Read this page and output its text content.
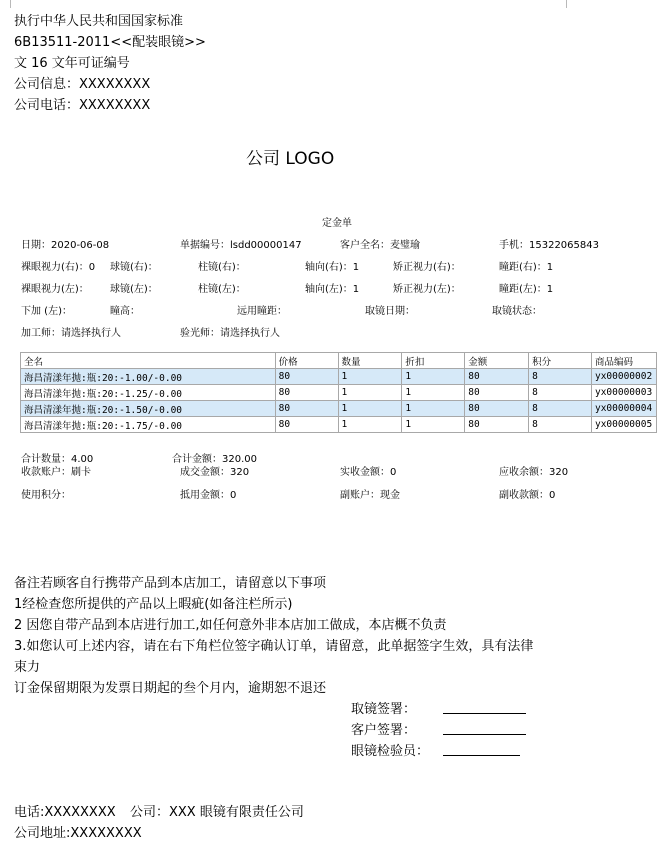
执行中华人民共和国国家标准
6B13511-2011<<配装眼镜>>
文 16 文年可证编号
公司信息：XXXXXXXX
公司电话：XXXXXXXX
公司 LOGO
定金单
日期：2020-06-08	单据编号：lsdd00000147	客户全名：麦璧瑜	手机：15322065843
裸眼视力(右)：0 球镜(右)：	柱镜(右)：	轴向(右)：1	矫正视力(右)：	瞳距(右)：1
裸眼视力(左)： 球镜(左)：	柱镜(左)：	轴向(左)：1	矫正视力(左)：	瞳距(左)：1
下加 (左)：	瞳高：	远用瞳距：	取镜日期：	取镜状态：
加工师：请选择执行人	验光师：请选择执行人
全名	价格	数量	折扣	金额	积分	商品编码
海昌清漾年抛:瓶:20:-1.00/-0.00	80	1	1	80	8	yx00000002
海昌清漾年抛:瓶:20:-1.25/-0.00	80	1	1	80	8	yx00000003
海昌清漾年抛:瓶:20:-1.50/-0.00	80	1	1	80	8	yx00000004
海昌清漾年抛:瓶:20:-1.75/-0.00	80	1	1	80	8	yx00000005
合计数量：4.00	合计金额：320.00
收款账户：刷卡	成交金额：320	实收金额：0	应收余额：320
使用积分：	抵用金额：0	副账户：现金	副收款额：0
备注若顾客自行携带产品到本店加工，请留意以下事项
1经检查您所提供的产品以上暇疵(如备注栏所示)
2 因您自带产品到本店进行加工,如任何意外非本店加工做成，本店概不负责
3.如您认可上述内容，请在右下角栏位签字确认订单，请留意，此单据签字生效，具有法律
束力
订金保留期限为发票日期起的叁个月内，逾期恕不退还
取镜签署：
客户签署：
眼镜检验员：
电话:XXXXXXXX 公司：XXX 眼镜有限责任公司
公司地址:XXXXXXXX
